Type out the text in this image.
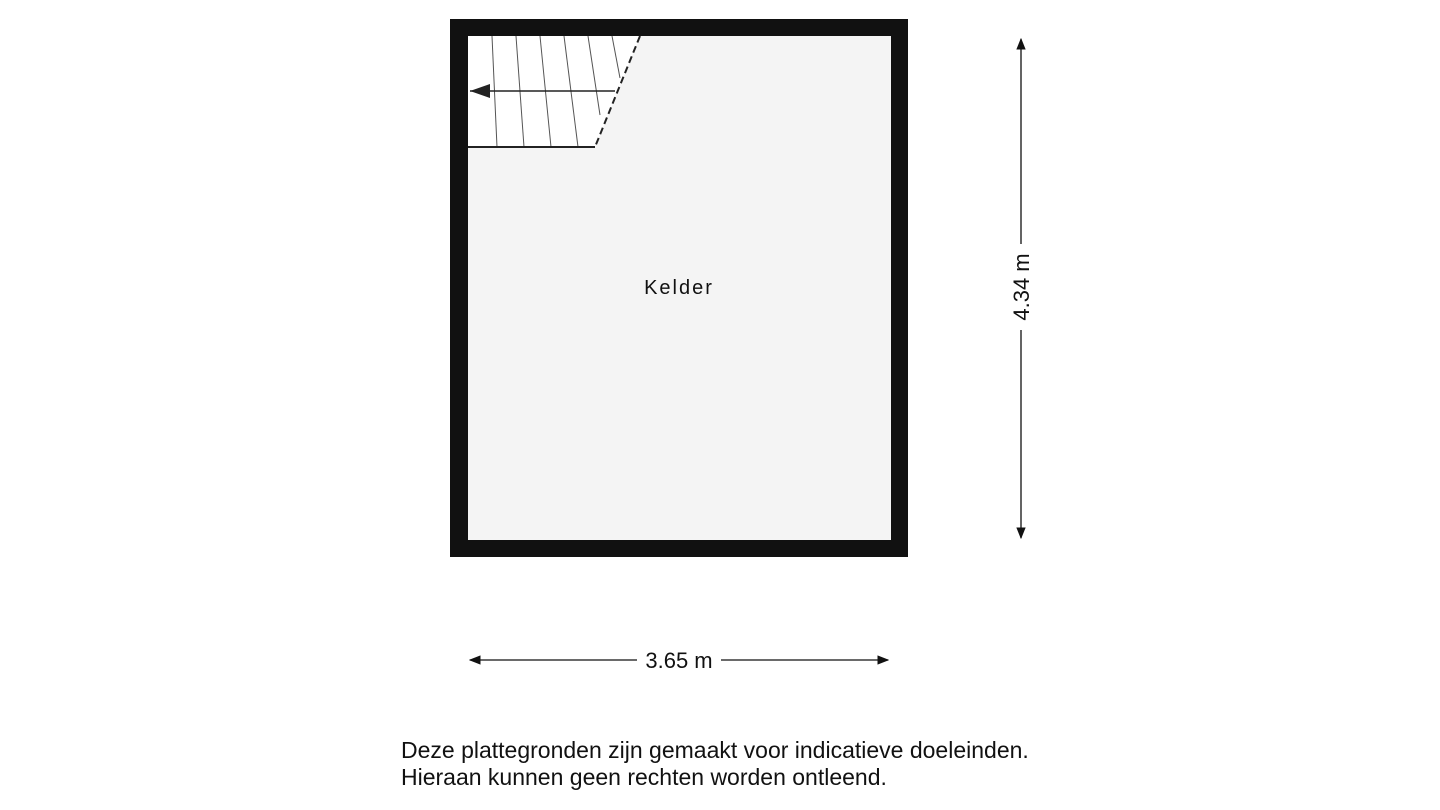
Kelder
3.65 m
4.34 m
Deze plattegronden zijn gemaakt voor indicatieve doeleinden.
Hieraan kunnen geen rechten worden ontleend.
